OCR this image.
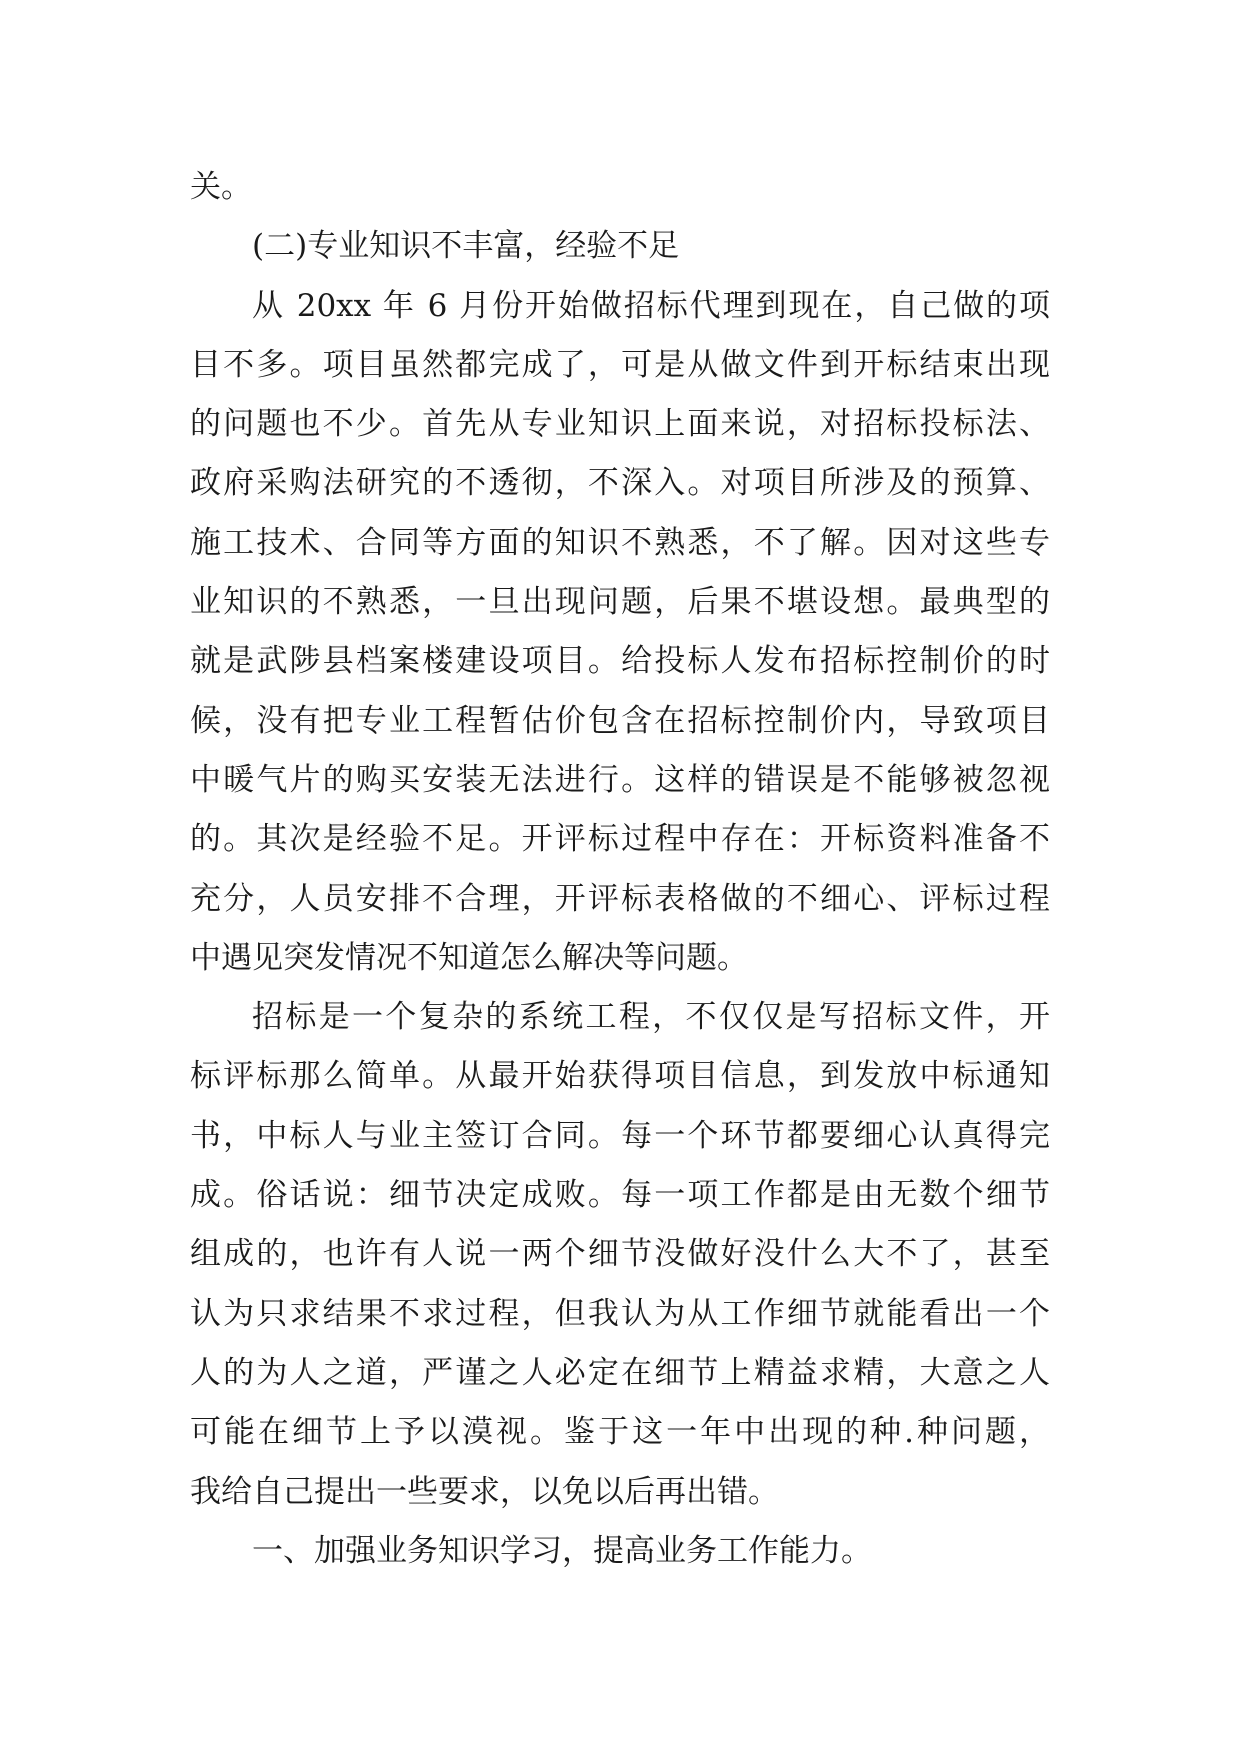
关。
(二)专业知识不丰富，经验不足
从 20xx 年 6 月份开始做招标代理到现在，自己做的项
目不多。项目虽然都完成了，可是从做文件到开标结束出现
的问题也不少。首先从专业知识上面来说，对招标投标法、
政府采购法研究的不透彻，不深入。对项目所涉及的预算、
施工技术、合同等方面的知识不熟悉，不了解。因对这些专
业知识的不熟悉，一旦出现问题，后果不堪设想。最典型的
就是武陟县档案楼建设项目。给投标人发布招标控制价的时
候，没有把专业工程暂估价包含在招标控制价内，导致项目
中暖气片的购买安装无法进行。这样的错误是不能够被忽视
的。其次是经验不足。开评标过程中存在：开标资料准备不
充分，人员安排不合理，开评标表格做的不细心、评标过程
中遇见突发情况不知道怎么解决等问题。
招标是一个复杂的系统工程，不仅仅是写招标文件，开
标评标那么简单。从最开始获得项目信息，到发放中标通知
书，中标人与业主签订合同。每一个环节都要细心认真得完
成。俗话说：细节决定成败。每一项工作都是由无数个细节
组成的，也许有人说一两个细节没做好没什么大不了，甚至
认为只求结果不求过程，但我认为从工作细节就能看出一个
人的为人之道，严谨之人必定在细节上精益求精，大意之人
可能在细节上予以漠视。鉴于这一年中出现的种.种问题，
我给自己提出一些要求，以免以后再出错。
一、加强业务知识学习，提高业务工作能力。
